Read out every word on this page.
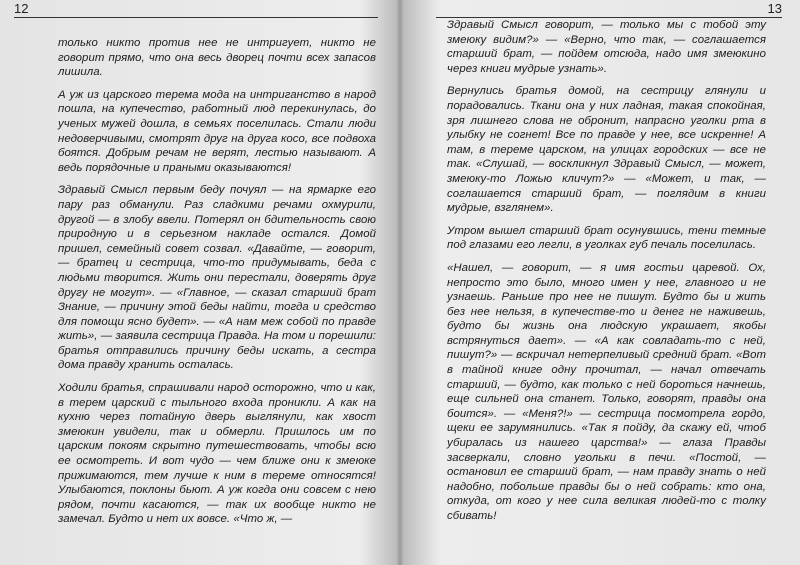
12

только никто против нее не интригует, никто не говорит прямо, что она весь дворец почти всех запасов лишила.

А уж из царского терема мода на интриганство в народ пошла, на купечество, работный люд перекинулась, до ученых мужей дошла, в семьях поселилась. Стали люди недоверчивыми, смотрят друг на друга косо, все подвоха боятся. Добрым речам не верят, лестью называют. А ведь порядочные и праными оказываются!

Здравый Смысл первым беду почуял — на ярмарке его пару раз обманули. Раз сладкими речами охмурили, другой — в злобу ввели. Потерял он бдительность свою природную и в серьезном накладе остался. Домой пришел, семейный совет созвал. «Давайте, — говорит, — братец и сестрица, что-то придумывать, беда с людьми творится. Жить они перестали, доверять друг другу не могут». — «Главное, — сказал старший брат Знание, — причину этой беды найти, тогда и средство для помощи ясно будет». — «А нам меж собой по правде жить», — заявила сестрица Правда. На том и порешили: братья отправились причину беды искать, а сестра дома правду хранить осталась.

Ходили братья, спрашивали народ осторожно, что и как, в терем царский с тыльного входа проникли. А как на кухню через потайную дверь выглянули, как хвост змеюкин увидели, так и обмерли. Пришлось им по царским покоям скрытно путешествовать, чтобы всю ее осмотреть. И вот чудо — чем ближе они к змеюке прижимаются, тем лучше к ним в тереме относятся! Улыбаются, поклоны бьют. А уж когда они совсем с нею рядом, почти касаются, — так их вообще никто не замечал. Будто и нет их вовсе. «Что ж, —

13

Здравый Смысл говорит, — только мы с тобой эту змеюку видим?» — «Верно, что так, — соглашается старший брат, — пойдем отсюда, надо имя змеюкино через книги мудрые узнать».

Вернулись братья домой, на сестрицу глянули и порадовались. Ткани она у них ладная, такая спокойная, зря лишнего слова не обронит, напрасно уголки рта в улыбку не согнет! Все по правде у нее, все искренне! А там, в тереме царском, на улицах городских — все не так. «Слушай, — воскликнул Здравый Смысл, — может, змеюку-то Ложью кличут?» — «Может, и так, — соглашается старший брат, — поглядим в книги мудрые, взглянем».

Утром вышел старший брат осунувшись, тени темные под глазами его легли, в уголках губ печаль поселилась.

«Нашел, — говорит, — я имя гостьи царевой. Ох, непросто это было, много имен у нее, главного и не узнаешь. Раньше про нее не пишут. Будто бы и жить без нее нельзя, в купечестве-то и денег не наживешь, будто бы жизнь она людскую украшает, якобы встрянуться дает». — «А как совладать-то с ней, пишут?» — вскричал нетерпеливый средний брат. «Вот в тайной книге одну прочитал, — начал отвечать старший, — будто, как только с ней бороться начнешь, еще сильней она станет. Только, говорят, правды она боится». — «Меня?!» — сестрица посмотрела гордо, щеки ее зарумянились. «Так я пойду, да скажу ей, чтоб убиралась из нашего царства!» — глаза Правды засверкали, словно угольки в печи. «Постой, — остановил ее старший брат, — нам правду знать о ней надобно, побольше правды бы о ней собрать: кто она, откуда, от кого у нее сила великая людей-то с толку сбивать!
